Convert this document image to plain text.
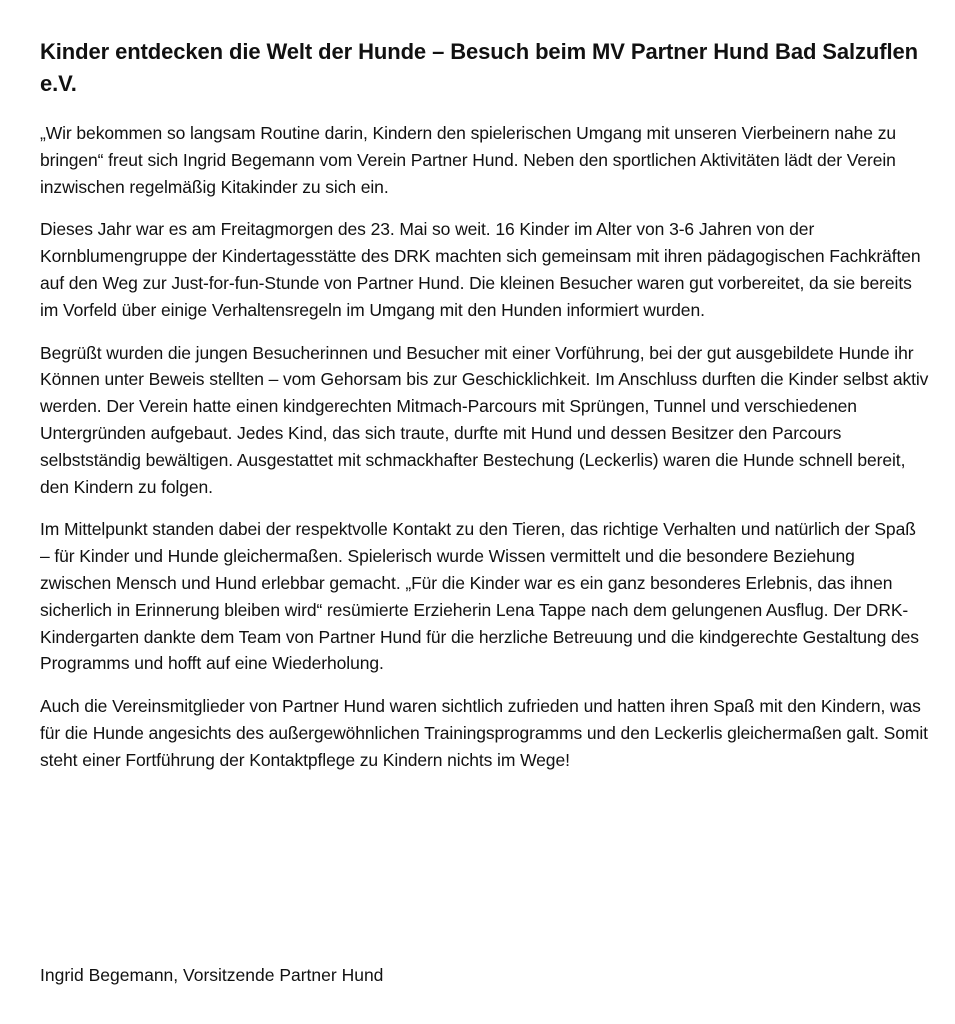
Kinder entdecken die Welt der Hunde – Besuch beim MV Partner Hund Bad Salzuflen e.V.

„Wir bekommen so langsam Routine darin, Kindern den spielerischen Umgang mit unseren Vierbeinern nahe zu bringen“ freut sich Ingrid Begemann vom Verein Partner Hund. Neben den sportlichen Aktivitäten lädt der Verein inzwischen regelmäßig Kitakinder zu sich ein.

Dieses Jahr war es am Freitagmorgen des 23. Mai so weit. 16 Kinder im Alter von 3-6 Jahren von der Kornblumengruppe der Kindertagesstätte des DRK machten sich gemeinsam mit ihren pädagogischen Fachkräften auf den Weg zur Just-for-fun-Stunde von Partner Hund. Die kleinen Besucher waren gut vorbereitet, da sie bereits im Vorfeld über einige Verhaltensregeln im Umgang mit den Hunden informiert wurden.

Begrüßt wurden die jungen Besucherinnen und Besucher mit einer Vorführung, bei der gut ausgebildete Hunde ihr Können unter Beweis stellten – vom Gehorsam bis zur Geschicklichkeit. Im Anschluss durften die Kinder selbst aktiv werden. Der Verein hatte einen kindgerechten Mitmach-Parcours mit Sprüngen, Tunnel und verschiedenen Untergründen aufgebaut. Jedes Kind, das sich traute, durfte mit Hund und dessen Besitzer den Parcours selbstständig bewältigen. Ausgestattet mit schmackhafter Bestechung (Leckerlis) waren die Hunde schnell bereit, den Kindern zu folgen.

Im Mittelpunkt standen dabei der respektvolle Kontakt zu den Tieren, das richtige Verhalten und natürlich der Spaß – für Kinder und Hunde gleichermaßen. Spielerisch wurde Wissen vermittelt und die besondere Beziehung zwischen Mensch und Hund erlebbar gemacht. „Für die Kinder war es ein ganz besonderes Erlebnis, das ihnen sicherlich in Erinnerung bleiben wird“ resümierte Erzieherin Lena Tappe nach dem gelungenen Ausflug. Der DRK-Kindergarten dankte dem Team von Partner Hund für die herzliche Betreuung und die kindgerechte Gestaltung des Programms und hofft auf eine Wiederholung.

Auch die Vereinsmitglieder von Partner Hund waren sichtlich zufrieden und hatten ihren Spaß mit den Kindern, was für die Hunde angesichts des außergewöhnlichen Trainingsprogramms und den Leckerlis gleichermaßen galt. Somit steht einer Fortführung der Kontaktpflege zu Kindern nichts im Wege!

Ingrid Begemann, Vorsitzende Partner Hund
